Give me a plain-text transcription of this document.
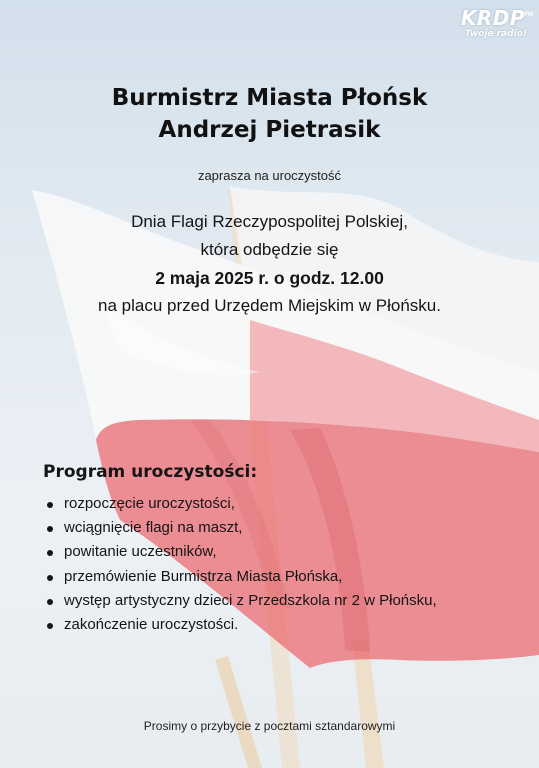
KRDP FM
Twoje radio!
Burmistrz Miasta Płońsk
Andrzej Pietrasik
zaprasza na uroczystość
Dnia Flagi Rzeczypospolitej Polskiej,
która odbędzie się
2 maja 2025 r. o godz. 12.00
na placu przed Urzędem Miejskim w Płońsku.
Program uroczystości:
rozpoczęcie uroczystości,
wciągnięcie flagi na maszt,
powitanie uczestników,
przemówienie Burmistrza Miasta Płońska,
występ artystyczny dzieci z Przedszkola nr 2 w Płońsku,
zakończenie uroczystości.
Prosimy o przybycie z pocztami sztandarowymi
